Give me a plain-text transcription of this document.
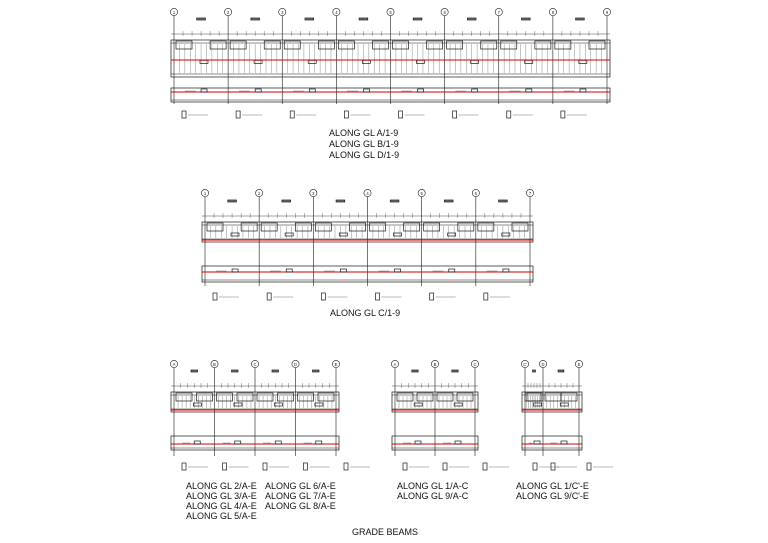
1	2	3	4	5	6	7	8	9
1	2	3	4	5	6	7
A	B	C	D	E	A	B	C	C'	D	E
ALONG GL A/1-9
ALONG GL B/1-9
ALONG GL D/1-9
ALONG GL C/1-9
ALONG GL 2/A-E
ALONG GL 3/A-E
ALONG GL 4/A-E
ALONG GL 5/A-E
ALONG GL 6/A-E
ALONG GL 7/A-E
ALONG GL 8/A-E
ALONG GL 1/A-C
ALONG GL 9/A-C
ALONG GL 1/C'-E
ALONG GL 9/C'-E
GRADE BEAMS
